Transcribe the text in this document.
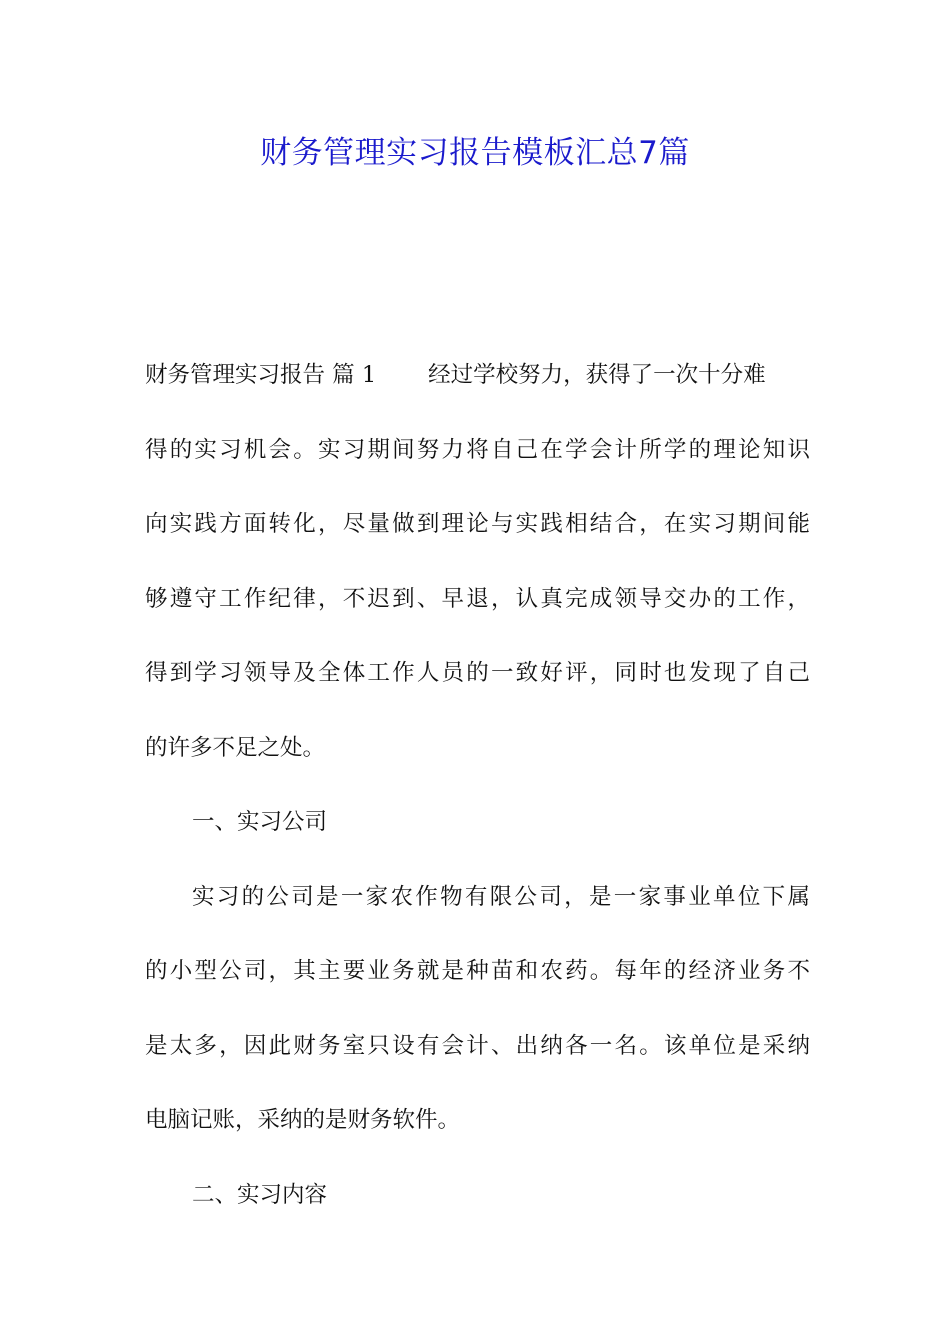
财务管理实习报告模板汇总7篇
财务管理实习报告 篇 1 经过学校努力，获得了一次十分难
得的实习机会。实习期间努力将自己在学会计所学的理论知识
向实践方面转化，尽量做到理论与实践相结合，在实习期间能
够遵守工作纪律，不迟到、早退，认真完成领导交办的工作，
得到学习领导及全体工作人员的一致好评，同时也发现了自己
的许多不足之处。
一、实习公司
实习的公司是一家农作物有限公司，是一家事业单位下属
的小型公司，其主要业务就是种苗和农药。每年的经济业务不
是太多，因此财务室只设有会计、出纳各一名。该单位是采纳
电脑记账，采纳的是财务软件。
二、实习内容
